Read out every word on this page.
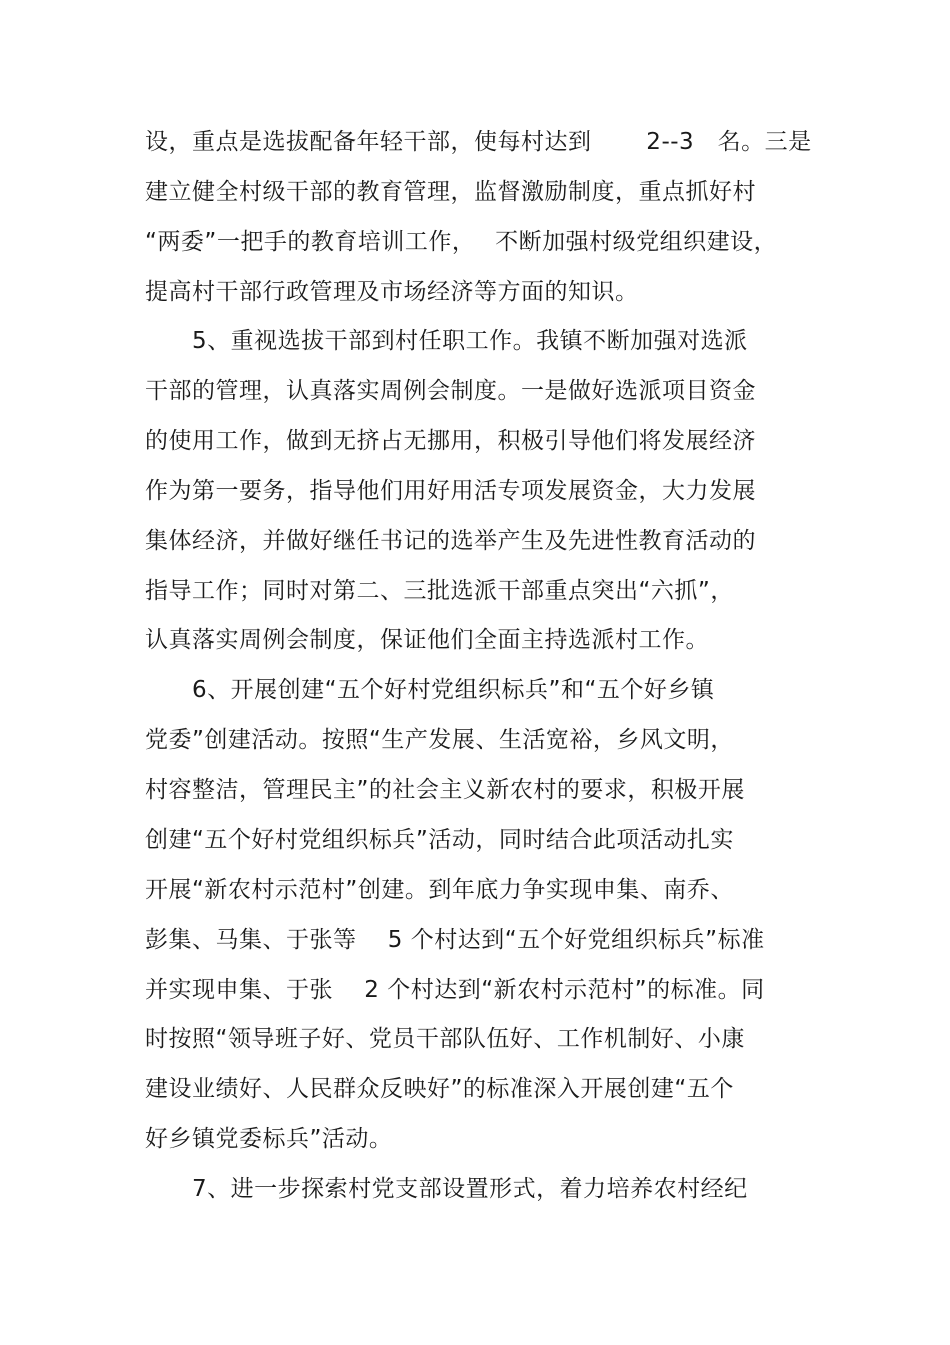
设，重点是选拔配备年轻干部，使每村达到　　 2--3　名。三是
建立健全村级干部的教育管理，监督激励制度，重点抓好村
“两委”一把手的教育培训工作，　 不断加强村级党组织建设，
提高村干部行政管理及市场经济等方面的知识。
5、重视选拔干部到村任职工作。我镇不断加强对选派
干部的管理，认真落实周例会制度。一是做好选派项目资金
的使用工作，做到无挤占无挪用，积极引导他们将发展经济
作为第一要务，指导他们用好用活专项发展资金，大力发展
集体经济，并做好继任书记的选举产生及先进性教育活动的
指导工作；同时对第二、三批选派干部重点突出“六抓”，
认真落实周例会制度，保证他们全面主持选派村工作。
6、开展创建“五个好村党组织标兵”和“五个好乡镇
党委”创建活动。按照“生产发展、生活宽裕，乡风文明，
村容整洁，管理民主”的社会主义新农村的要求，积极开展
创建“五个好村党组织标兵”活动，同时结合此项活动扎实
开展“新农村示范村”创建。到年底力争实现申集、南乔、
彭集、马集、于张等　 5 个村达到“五个好党组织标兵”标准
并实现申集、于张　 2 个村达到“新农村示范村”的标准。同
时按照“领导班子好、党员干部队伍好、工作机制好、小康
建设业绩好、人民群众反映好”的标准深入开展创建“五个
好乡镇党委标兵”活动。
7、进一步探索村党支部设置形式，着力培养农村经纪
